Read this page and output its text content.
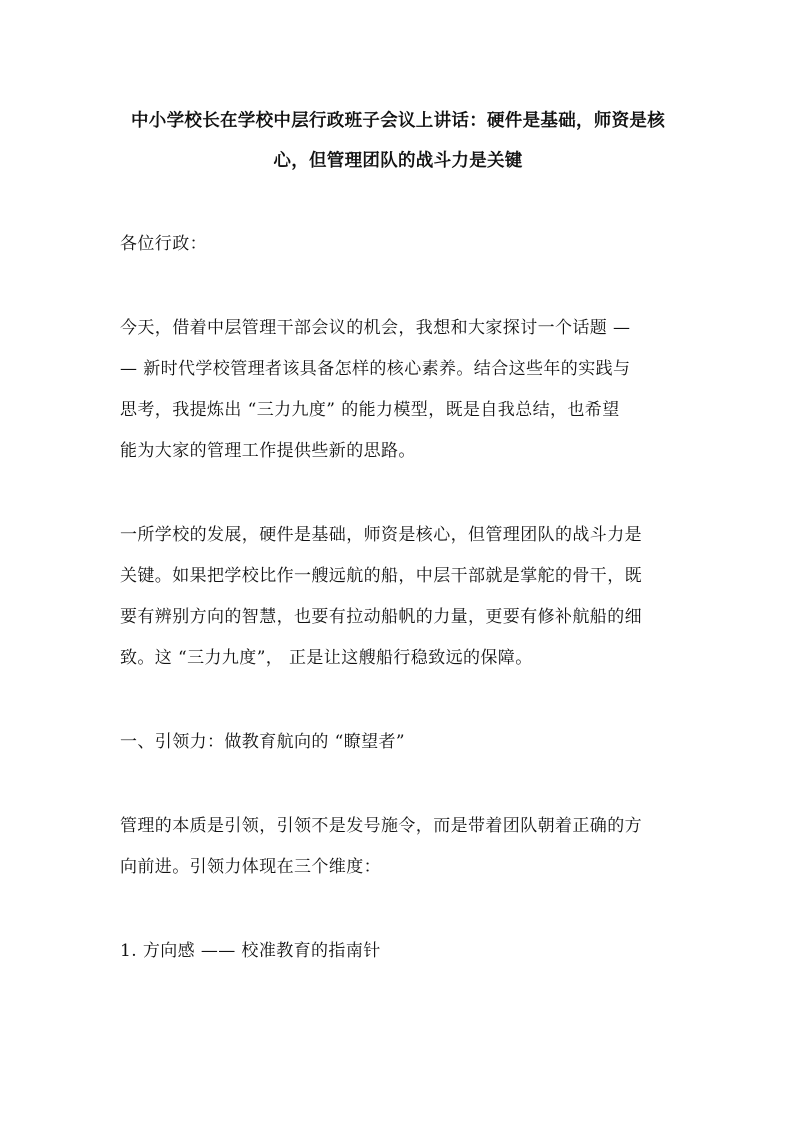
中小学校长在学校中层行政班子会议上讲话：硬件是基础，师资是核
心，但管理团队的战斗力是关键
各位行政：
今天，借着中层管理干部会议的机会，我想和大家探讨一个话题 —
— 新时代学校管理者该具备怎样的核心素养。结合这些年的实践与
思考，我提炼出 “三力九度” 的能力模型，既是自我总结，也希望
能为大家的管理工作提供些新的思路。
一所学校的发展，硬件是基础，师资是核心，但管理团队的战斗力是
关键。如果把学校比作一艘远航的船，中层干部就是掌舵的骨干，既
要有辨别方向的智慧，也要有拉动船帆的力量，更要有修补航船的细
致。这 “三力九度”， 正是让这艘船行稳致远的保障。
一、引领力：做教育航向的 “瞭望者”
管理的本质是引领，引领不是发号施令，而是带着团队朝着正确的方
向前进。引领力体现在三个维度：
1. 方向感 —— 校准教育的指南针
